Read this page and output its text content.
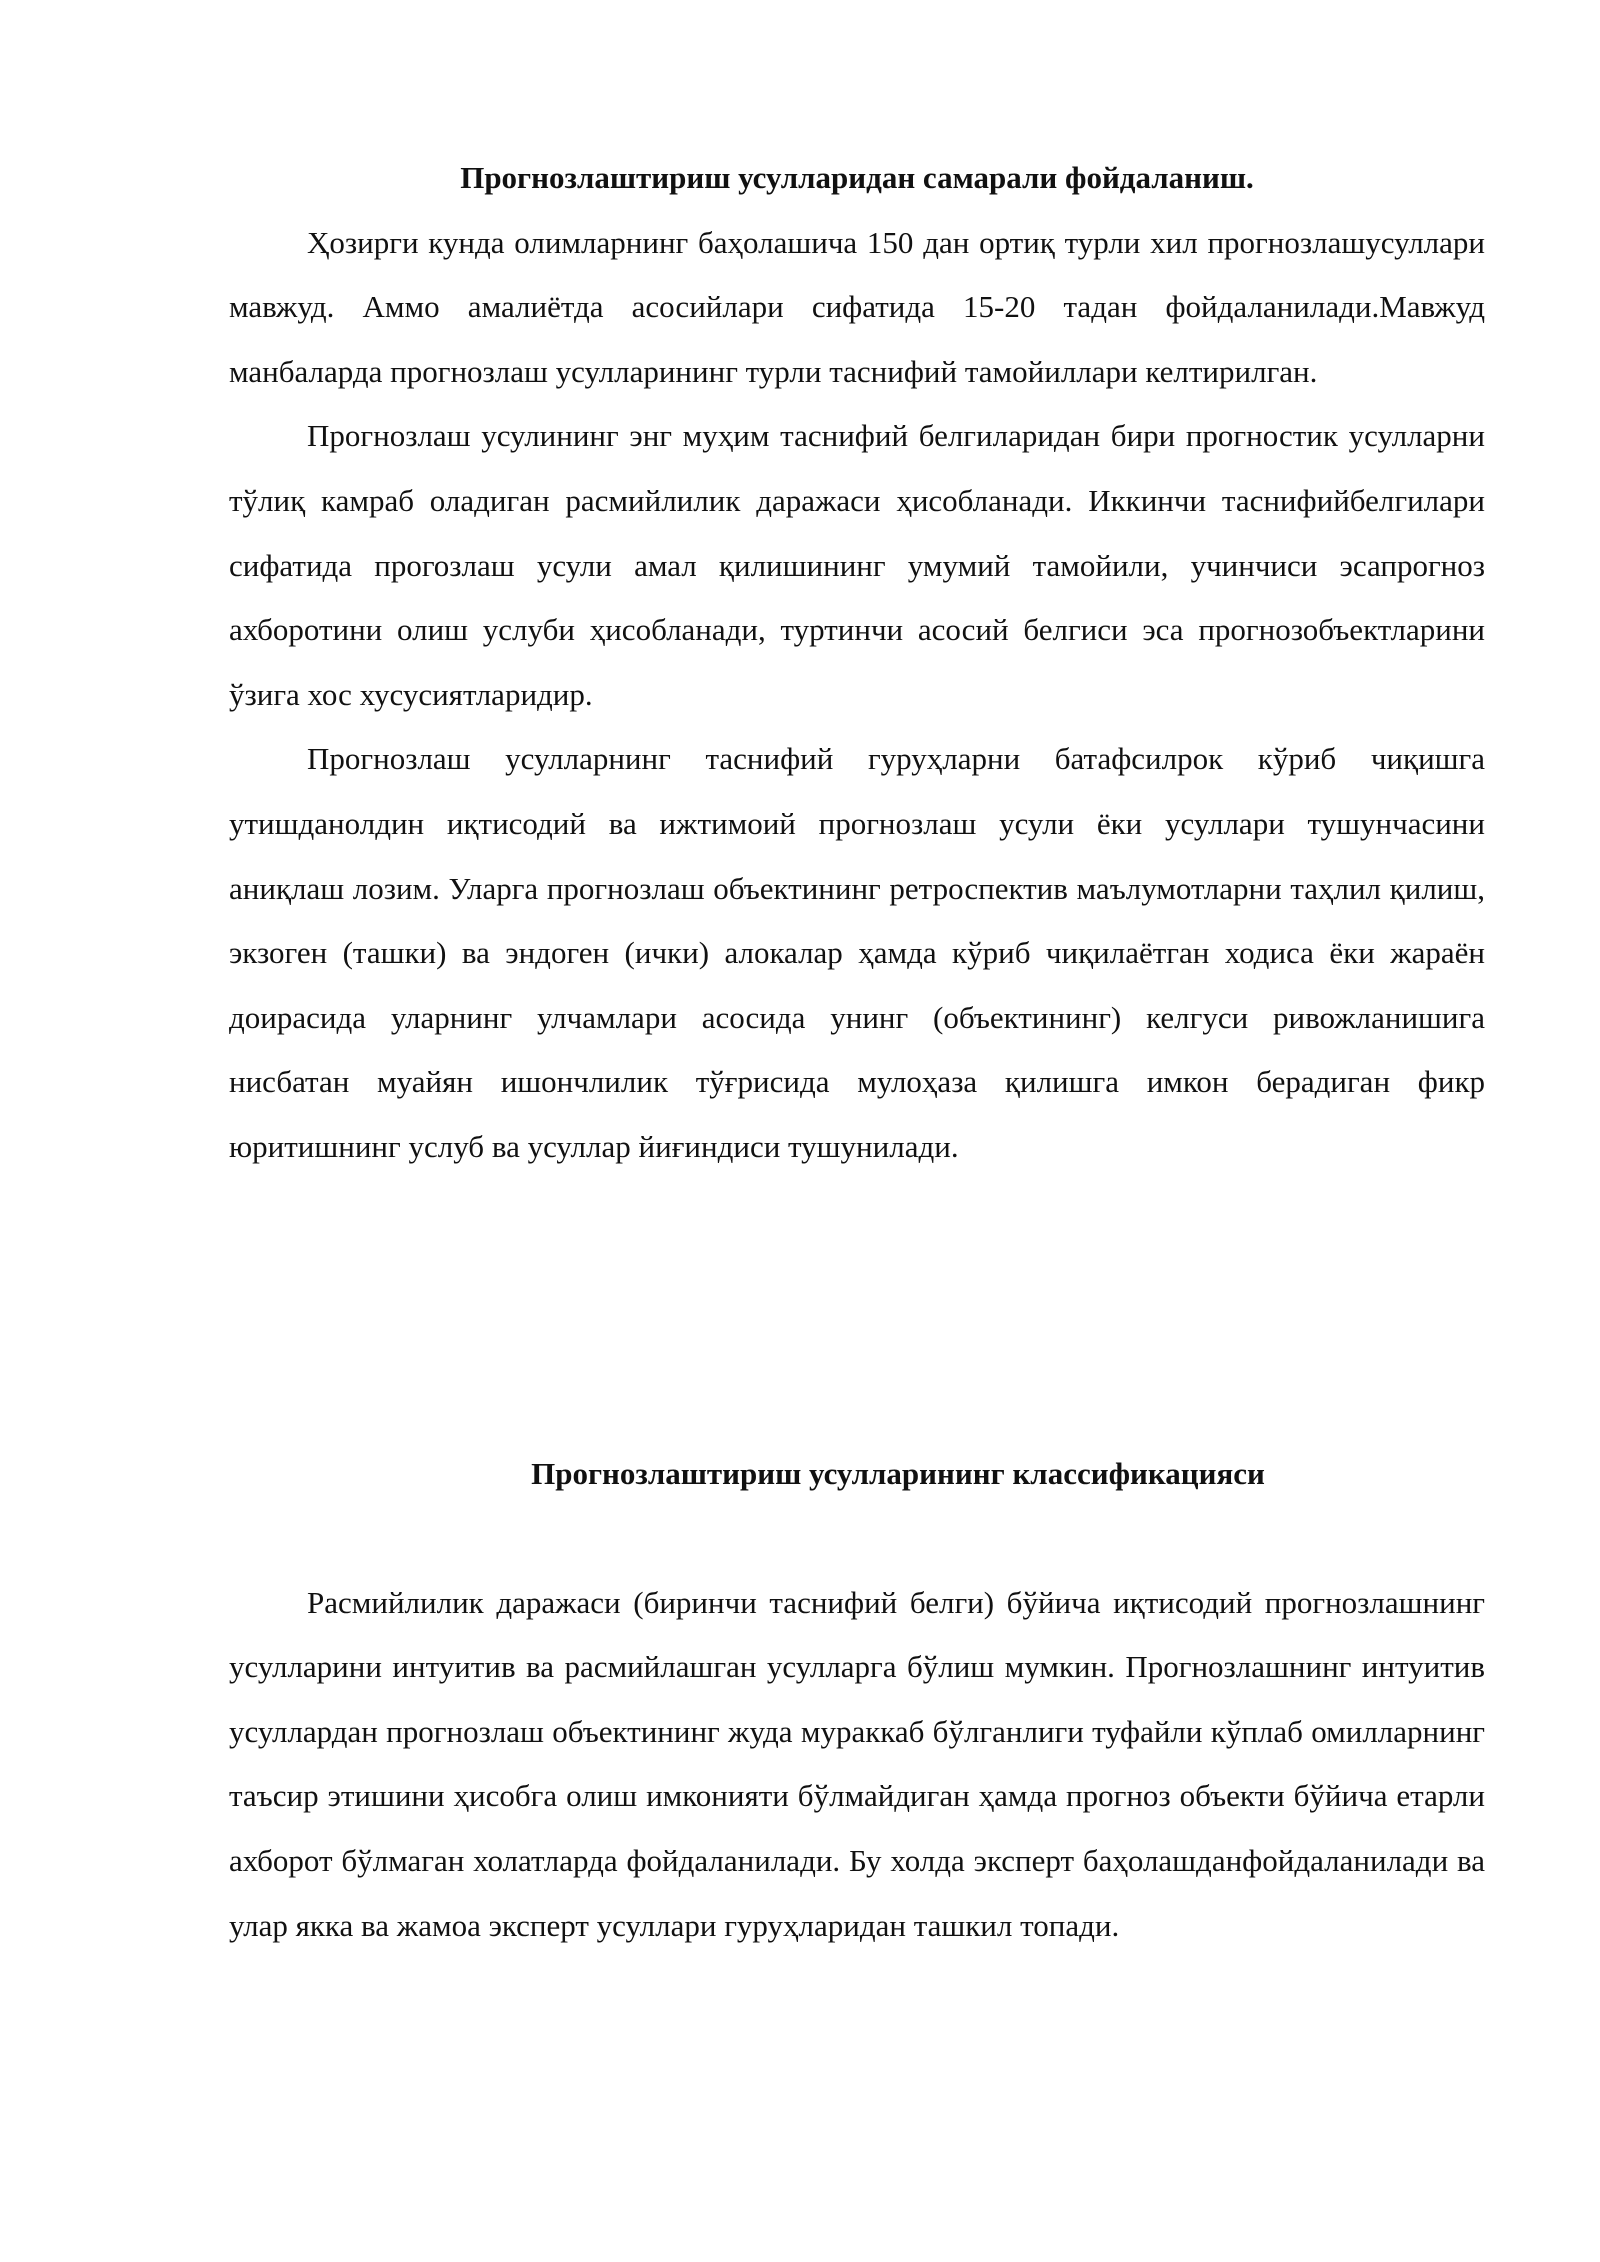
Прогнозлаштириш усулларидан самарали фойдаланиш.

Ҳозирги кунда олимларнинг баҳолашича 150 дан ортиқ турли хил прогнозлашусуллари мавжуд. Аммо амалиётда асосийлари сифатида 15-20 тадан фойдаланилади.Мавжуд манбаларда прогнозлаш усулларининг турли таснифий тамойиллари келтирилган.

Прогнозлаш усулининг энг муҳим таснифий белгиларидан бири прогностик усулларни тўлиқ камраб оладиган расмийлилик даражаси ҳисобланади. Иккинчи таснифийбелгилари сифатида прогозлаш усули амал қилишининг умумий тамойили, учинчиси эсапрогноз ахборотини олиш услуби ҳисобланади, туртинчи асосий белгиси эса прогнозобъектларини ўзига хос хусусиятларидир.

Прогнозлаш усулларнинг таснифий гуруҳларни батафсилрок кўриб чиқишга утишданолдин иқтисодий ва ижтимоий прогнозлаш усули ёки усуллари тушунчасини аниқлаш лозим. Уларга прогнозлаш объектининг ретроспектив маълумотларни таҳлил қилиш, экзоген (ташки) ва эндоген (ички) алокалар ҳамда кўриб чиқилаётган ходиса ёки жараён доирасида уларнинг улчамлари асосида унинг (объектининг) келгуси ривожланишига нисбатан муайян ишончлилик тўғрисида мулоҳаза қилишга имкон берадиган фикр юритишнинг услуб ва усуллар йиғиндиси тушунилади.

Прогнозлаштириш усулларининг классификацияси

Расмийлилик даражаси (биринчи таснифий белги) бўйича иқтисодий прогнозлашнинг усулларини интуитив ва расмийлашган усулларга бўлиш мумкин. Прогнозлашнинг интуитив усуллардан прогнозлаш объектининг жуда мураккаб бўлганлиги туфайли кўплаб омилларнинг таъсир этишини ҳисобга олиш имконияти бўлмайдиган ҳамда прогноз объекти бўйича етарли ахборот бўлмаган холатларда фойдаланилади. Бу холда эксперт баҳолашданфойдаланилади ва улар якка ва жамоа эксперт усуллари гуруҳларидан ташкил топади.
